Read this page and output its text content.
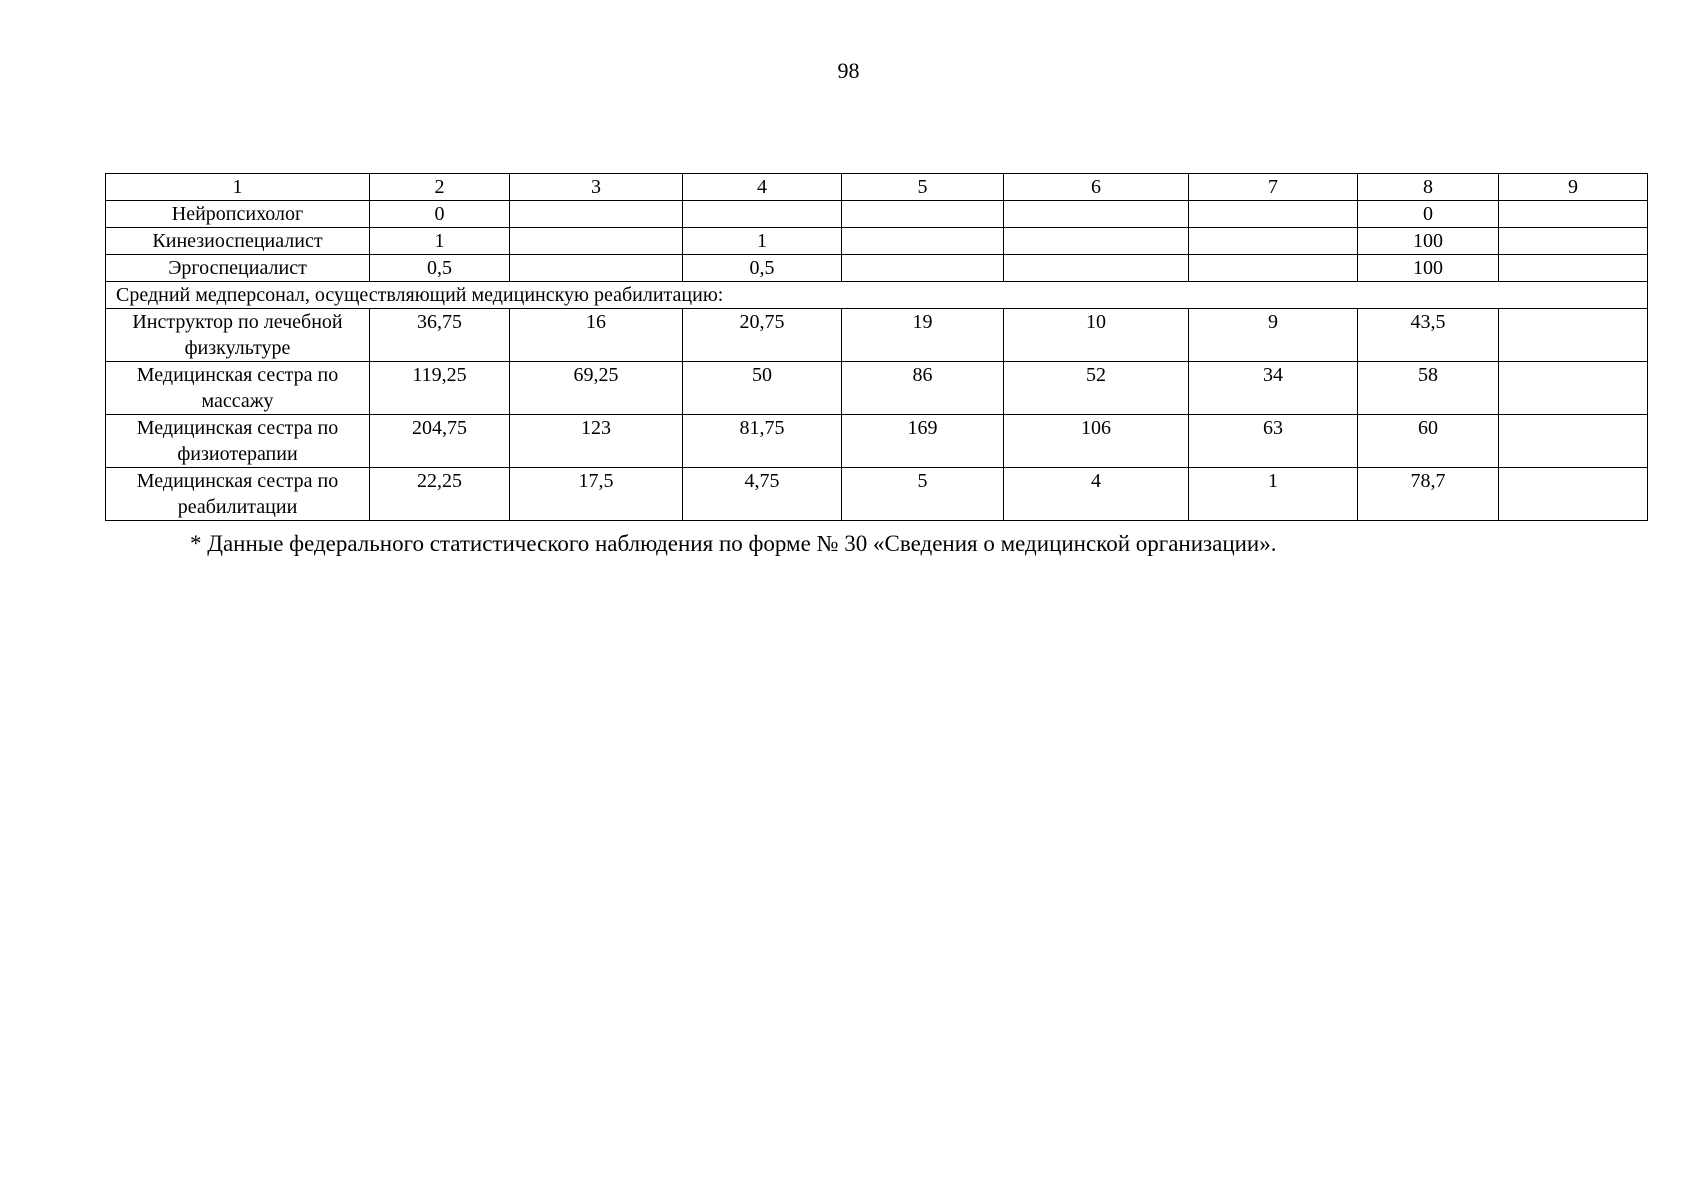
98
1	2	3	4	5	6	7	8	9
Нейропсихолог	0						0	
Кинезиоспециалист	1		1				100	
Эргоспециалист	0,5		0,5				100	
Средний медперсонал, осуществляющий медицинскую реабилитацию:								
Инструктор по лечебной физкультуре	36,75	16	20,75	19	10	9	43,5	
Медицинская сестра по массажу	119,25	69,25	50	86	52	34	58	
Медицинская сестра по физиотерапии	204,75	123	81,75	169	106	63	60	
Медицинская сестра по реабилитации	22,25	17,5	4,75	5	4	1	78,7	
* Данные федерального статистического наблюдения по форме № 30 «Сведения о медицинской организации».
